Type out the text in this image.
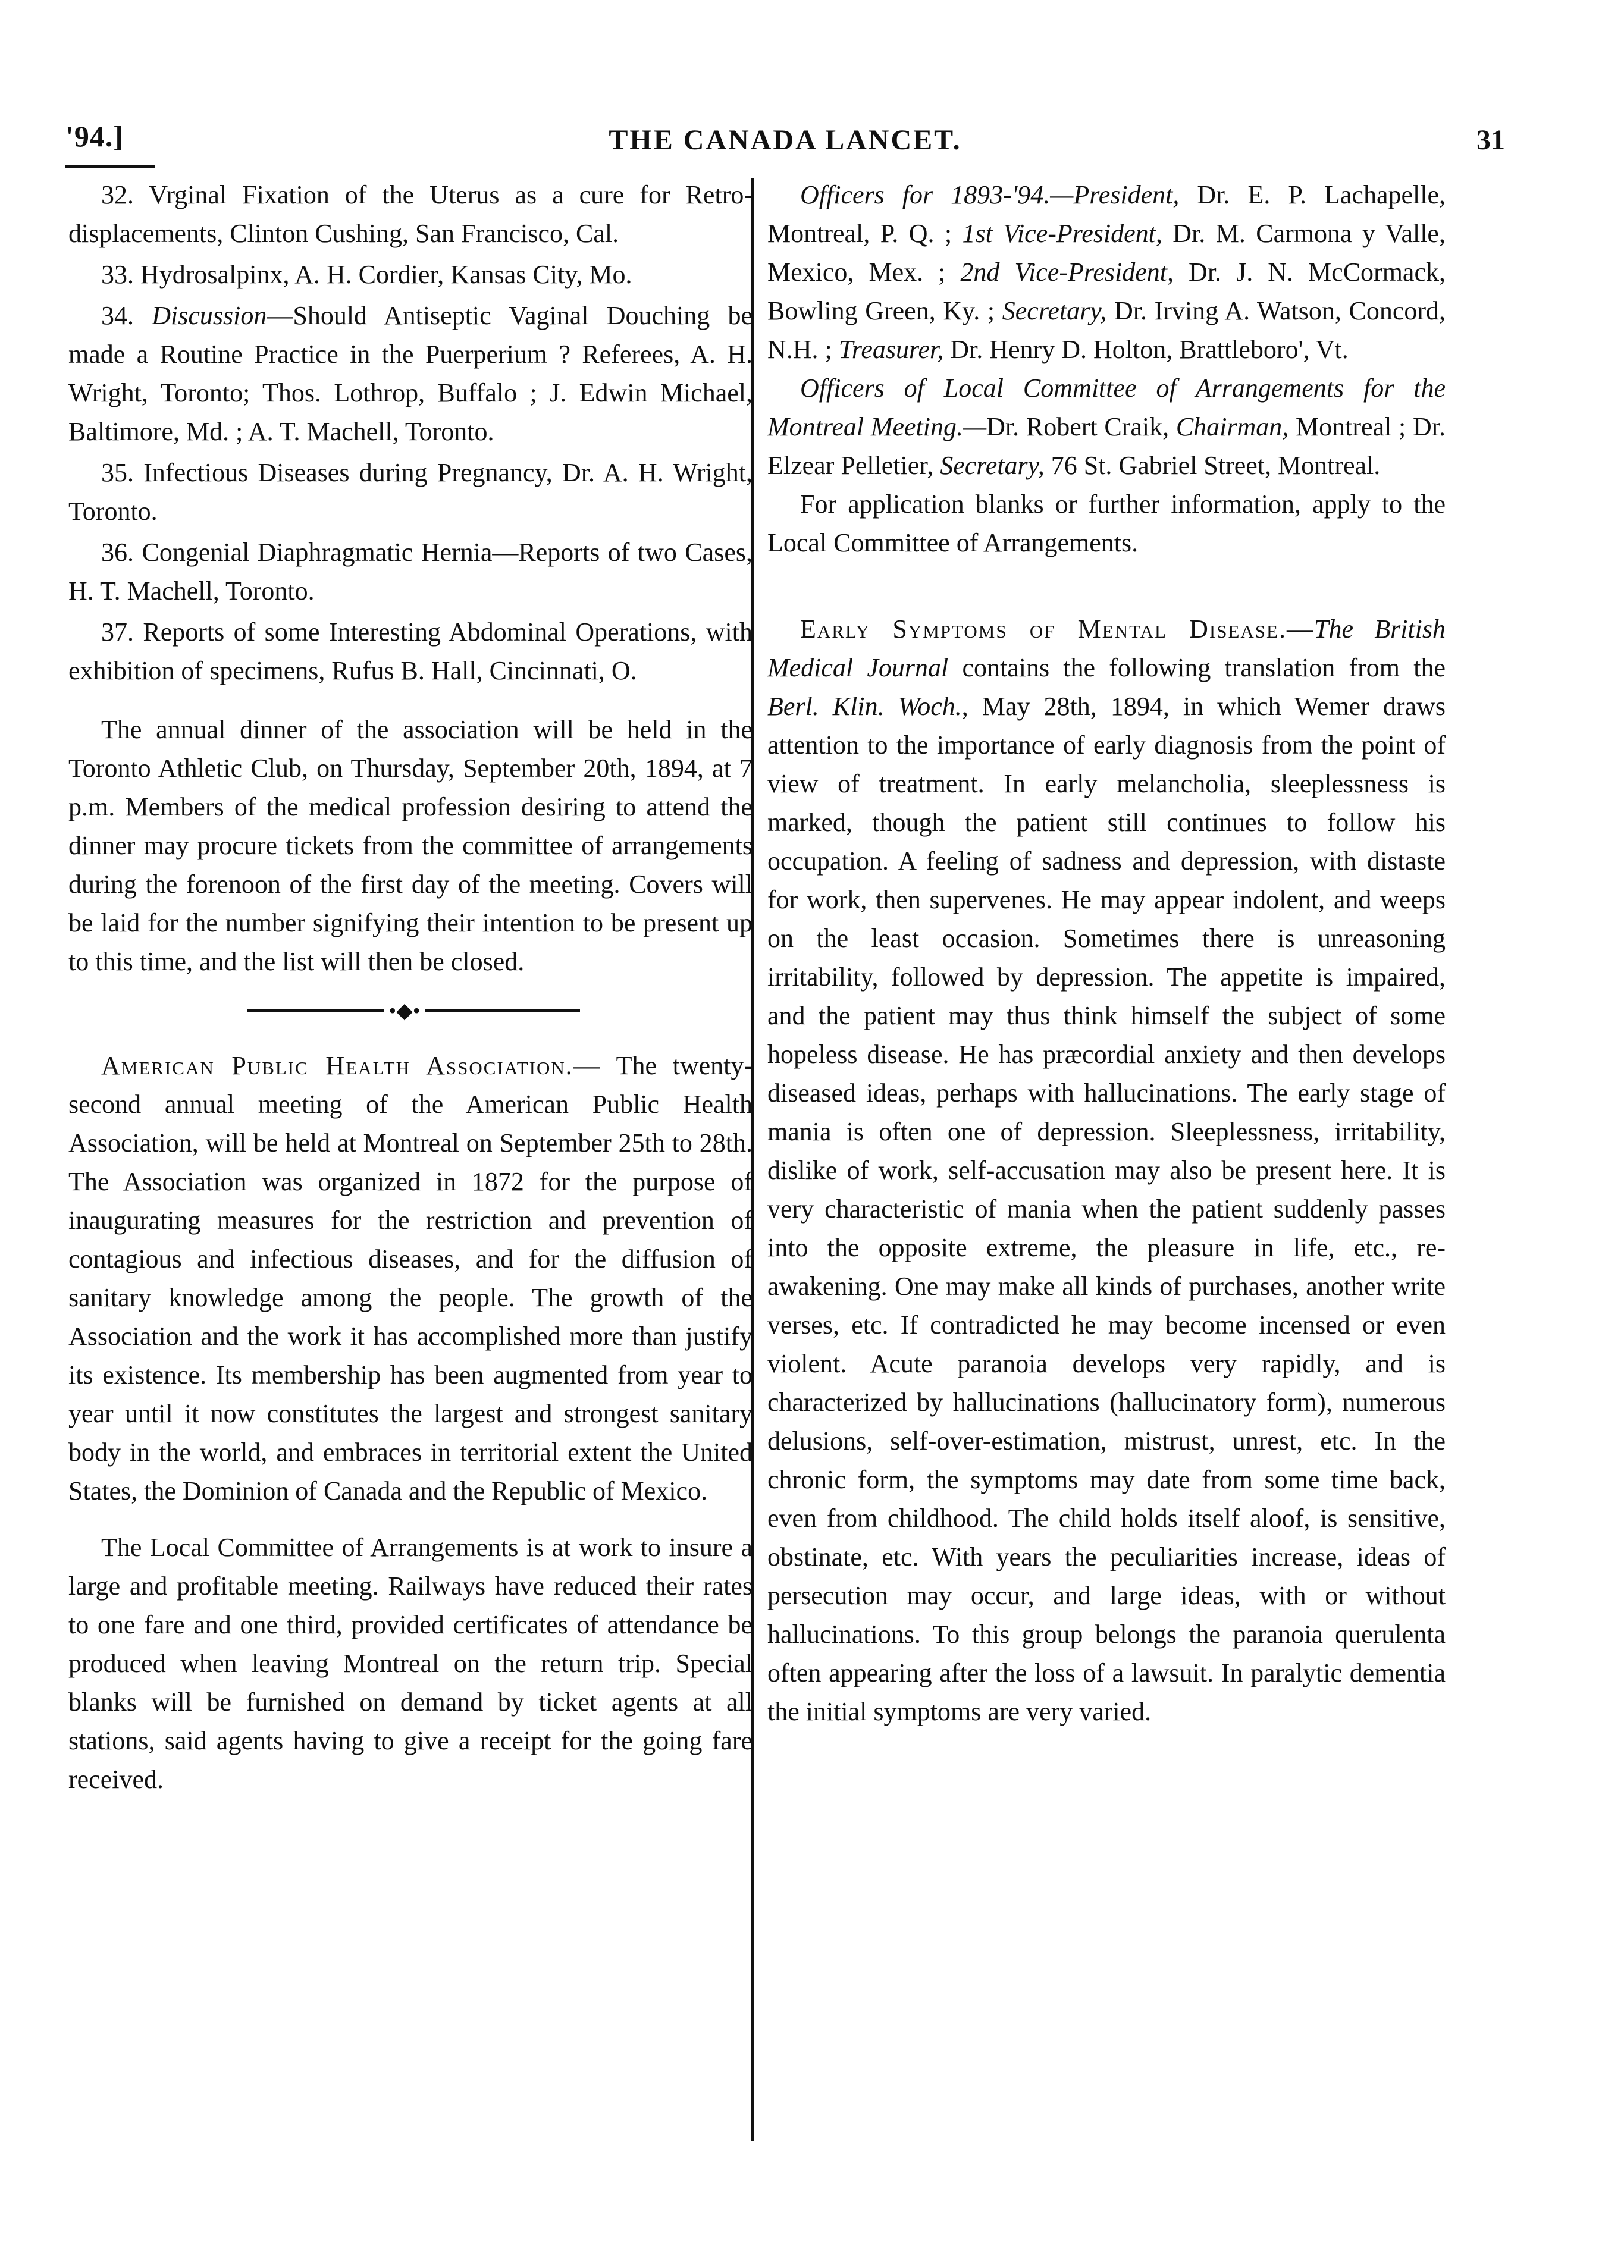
'94.]	THE CANADA LANCET.	31

32. Vrginal Fixation of the Uterus as a cure for Retro-displacements, Clinton Cushing, San Francisco, Cal.

33. Hydrosalpinx, A. H. Cordier, Kansas City, Mo.

34. Discussion—Should Antiseptic Vaginal Douching be made a Routine Practice in the Puerperium ? Referees, A. H. Wright, Toronto; Thos. Lothrop, Buffalo ; J. Edwin Michael, Baltimore, Md. ; A. T. Machell, Toronto.

35. Infectious Diseases during Pregnancy, Dr. A. H. Wright, Toronto.

36. Congenial Diaphragmatic Hernia—Reports of two Cases, H. T. Machell, Toronto.

37. Reports of some Interesting Abdominal Operations, with exhibition of specimens, Rufus B. Hall, Cincinnati, O.

The annual dinner of the association will be held in the Toronto Athletic Club, on Thursday, September 20th, 1894, at 7 p.m. Members of the medical profession desiring to attend the dinner may procure tickets from the committee of arrangements during the forenoon of the first day of the meeting. Covers will be laid for the number signifying their intention to be present up to this time, and the list will then be closed.

•◆•

American Public Health Association.— The twenty-second annual meeting of the American Public Health Association, will be held at Montreal on September 25th to 28th. The Association was organized in 1872 for the purpose of inaugurating measures for the restriction and prevention of contagious and infectious diseases, and for the diffusion of sanitary knowledge among the people. The growth of the Association and the work it has accomplished more than justify its existence. Its membership has been augmented from year to year until it now constitutes the largest and strongest sanitary body in the world, and embraces in territorial extent the United States, the Dominion of Canada and the Republic of Mexico.

The Local Committee of Arrangements is at work to insure a large and profitable meeting. Railways have reduced their rates to one fare and one third, provided certificates of attendance be produced when leaving Montreal on the return trip. Special blanks will be furnished on demand by ticket agents at all stations, said agents having to give a receipt for the going fare received.

Officers for 1893-'94.—President, Dr. E. P. Lachapelle, Montreal, P. Q. ; 1st Vice-President, Dr. M. Carmona y Valle, Mexico, Mex. ; 2nd Vice-President, Dr. J. N. McCormack, Bowling Green, Ky. ; Secretary, Dr. Irving A. Watson, Concord, N.H. ; Treasurer, Dr. Henry D. Holton, Brattleboro', Vt.

Officers of Local Committee of Arrangements for the Montreal Meeting.—Dr. Robert Craik, Chairman, Montreal ; Dr. Elzear Pelletier, Secretary, 76 St. Gabriel Street, Montreal.

For application blanks or further information, apply to the Local Committee of Arrangements.

Early Symptoms of Mental Disease.—The British Medical Journal contains the following translation from the Berl. Klin. Woch., May 28th, 1894, in which Wemer draws attention to the importance of early diagnosis from the point of view of treatment. In early melancholia, sleeplessness is marked, though the patient still continues to follow his occupation. A feeling of sadness and depression, with distaste for work, then supervenes. He may appear indolent, and weeps on the least occasion. Sometimes there is unreasoning irritability, followed by depression. The appetite is impaired, and the patient may thus think himself the subject of some hopeless disease. He has præcordial anxiety and then develops diseased ideas, perhaps with hallucinations. The early stage of mania is often one of depression. Sleeplessness, irritability, dislike of work, self-accusation may also be present here. It is very characteristic of mania when the patient suddenly passes into the opposite extreme, the pleasure in life, etc., re-awakening. One may make all kinds of purchases, another write verses, etc. If contradicted he may become incensed or even violent. Acute paranoia develops very rapidly, and is characterized by hallucinations (hallucinatory form), numerous delusions, self-over-estimation, mistrust, unrest, etc. In the chronic form, the symptoms may date from some time back, even from childhood. The child holds itself aloof, is sensitive, obstinate, etc. With years the peculiarities increase, ideas of persecution may occur, and large ideas, with or without hallucinations. To this group belongs the paranoia querulenta often appearing after the loss of a lawsuit. In paralytic dementia the initial symptoms are very varied.
